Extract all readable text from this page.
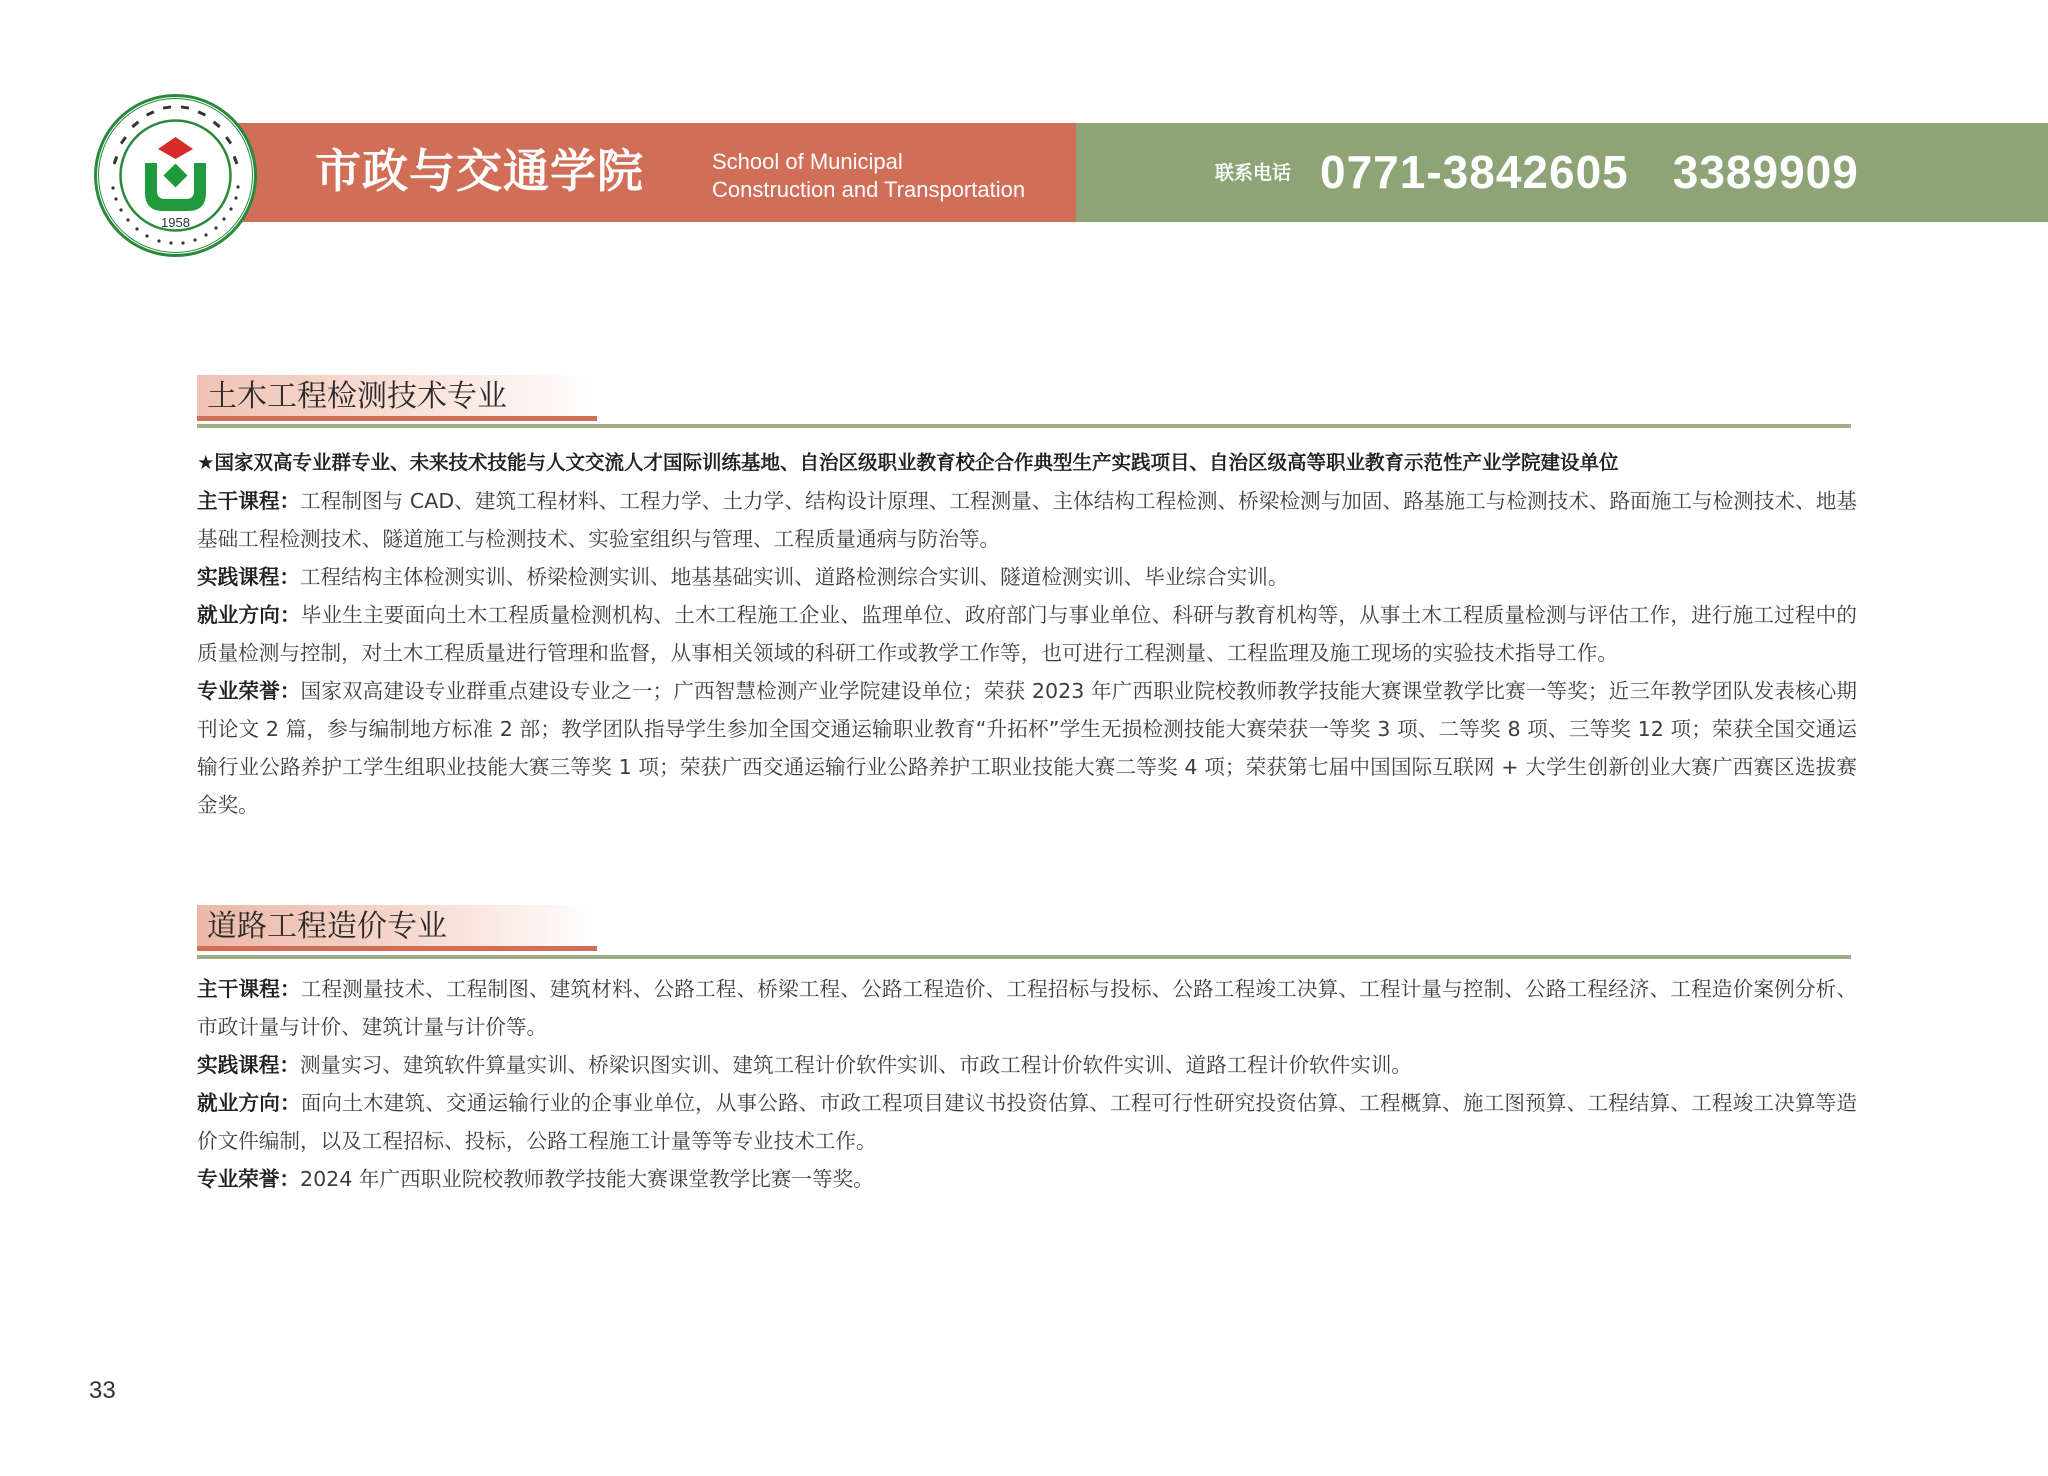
1958
市政与交通学院	School of Municipal
Construction and Transportation
联系电话 0771-3842605 3389909
土木工程检测技术专业

★国家双高专业群专业、未来技术技能与人文交流人才国际训练基地、自治区级职业教育校企合作典型生产实践项目、自治区级高等职业教育示范性产业学院建设单位

主干课程：工程制图与 CAD、建筑工程材料、工程力学、土力学、结构设计原理、工程测量、主体结构工程检测、桥梁检测与加固、路基施工与检测技术、路面施工与检测技术、地基基础工程检测技术、隧道施工与检测技术、实验室组织与管理、工程质量通病与防治等。

实践课程：工程结构主体检测实训、桥梁检测实训、地基基础实训、道路检测综合实训、隧道检测实训、毕业综合实训。

就业方向：毕业生主要面向土木工程质量检测机构、土木工程施工企业、监理单位、政府部门与事业单位、科研与教育机构等，从事土木工程质量检测与评估工作，进行施工过程中的质量检测与控制，对土木工程质量进行管理和监督，从事相关领域的科研工作或教学工作等，也可进行工程测量、工程监理及施工现场的实验技术指导工作。

专业荣誉：国家双高建设专业群重点建设专业之一；广西智慧检测产业学院建设单位；荣获 2023 年广西职业院校教师教学技能大赛课堂教学比赛一等奖；近三年教学团队发表核心期刊论文 2 篇，参与编制地方标准 2 部；教学团队指导学生参加全国交通运输职业教育“升拓杯”学生无损检测技能大赛荣获一等奖 3 项、二等奖 8 项、三等奖 12 项；荣获全国交通运输行业公路养护工学生组职业技能大赛三等奖 1 项；荣获广西交通运输行业公路养护工职业技能大赛二等奖 4 项；荣获第七届中国国际互联网 + 大学生创新创业大赛广西赛区选拔赛金奖。

道路工程造价专业

主干课程：工程测量技术、工程制图、建筑材料、公路工程、桥梁工程、公路工程造价、工程招标与投标、公路工程竣工决算、工程计量与控制、公路工程经济、工程造价案例分析、市政计量与计价、建筑计量与计价等。

实践课程：测量实习、建筑软件算量实训、桥梁识图实训、建筑工程计价软件实训、市政工程计价软件实训、道路工程计价软件实训。

就业方向：面向土木建筑、交通运输行业的企事业单位，从事公路、市政工程项目建议书投资估算、工程可行性研究投资估算、工程概算、施工图预算、工程结算、工程竣工决算等造价文件编制，以及工程招标、投标，公路工程施工计量等等专业技术工作。

专业荣誉：2024 年广西职业院校教师教学技能大赛课堂教学比赛一等奖。

33
